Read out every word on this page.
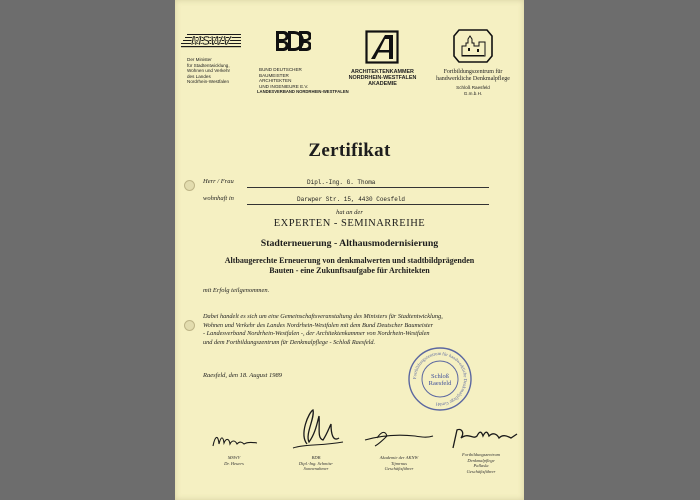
MSWV
Der Minister
für Stadtentwicklung,
Wohnen und Verkehr
des Landes
Nordrhein-Westfalen
BUND DEUTSCHER
BAUMEISTER
ARCHITEKTEN
UND INGENIEURE E.V.
LANDESVERBAND NORDRHEIN-WESTFALEN
ARCHITEKTENKAMMER
NORDRHEIN-WESTFALEN
AKADEMIE
Fortbildungszentrum für
handwerkliche Denkmalpflege
Schloß Raesfeld
G.m.b.H.
Zertifikat
Herr / Frau	Dipl.-Ing. G. Thoma
wohnhaft in	Darwper Str. 15, 4430 Coesfeld
hat an der
EXPERTEN - SEMINARREIHE
Stadterneuerung - Althausmodernisierung
Altbaugerechte Erneuerung von denkmalwerten und stadtbildprägenden
Bauten - eine Zukunftsaufgabe für Architekten
mit Erfolg teilgenommen.
Dabei handelt es sich um eine Gemeinschaftsveranstaltung des Ministers für Stadtentwicklung,
Wohnen und Verkehr des Landes Nordrhein-Westfalen mit dem Bund Deutscher Baumeister
- Landesverband Nordrhein-Westfalen -, der Architektenkammer von Nordrhein-Westfalen
und dem Fortbildungszentrum für Denkmalpflege - Schloß Raesfeld.
Raesfeld, den 18. August 1989	Fortbildungszentrum für handwerkliche Denkmalpflege GmbH
Schloß
Raesfeld
MSWV
Dr. Heuers
BDB
Dipl.-Ing. Schmitz-
Sonnenahmer
Akademie der AKNW
Tijmrnus
Geschäftsführer
Fortbildungszentrum
Denkmalpflege
Pallasla
Geschäftsführer
